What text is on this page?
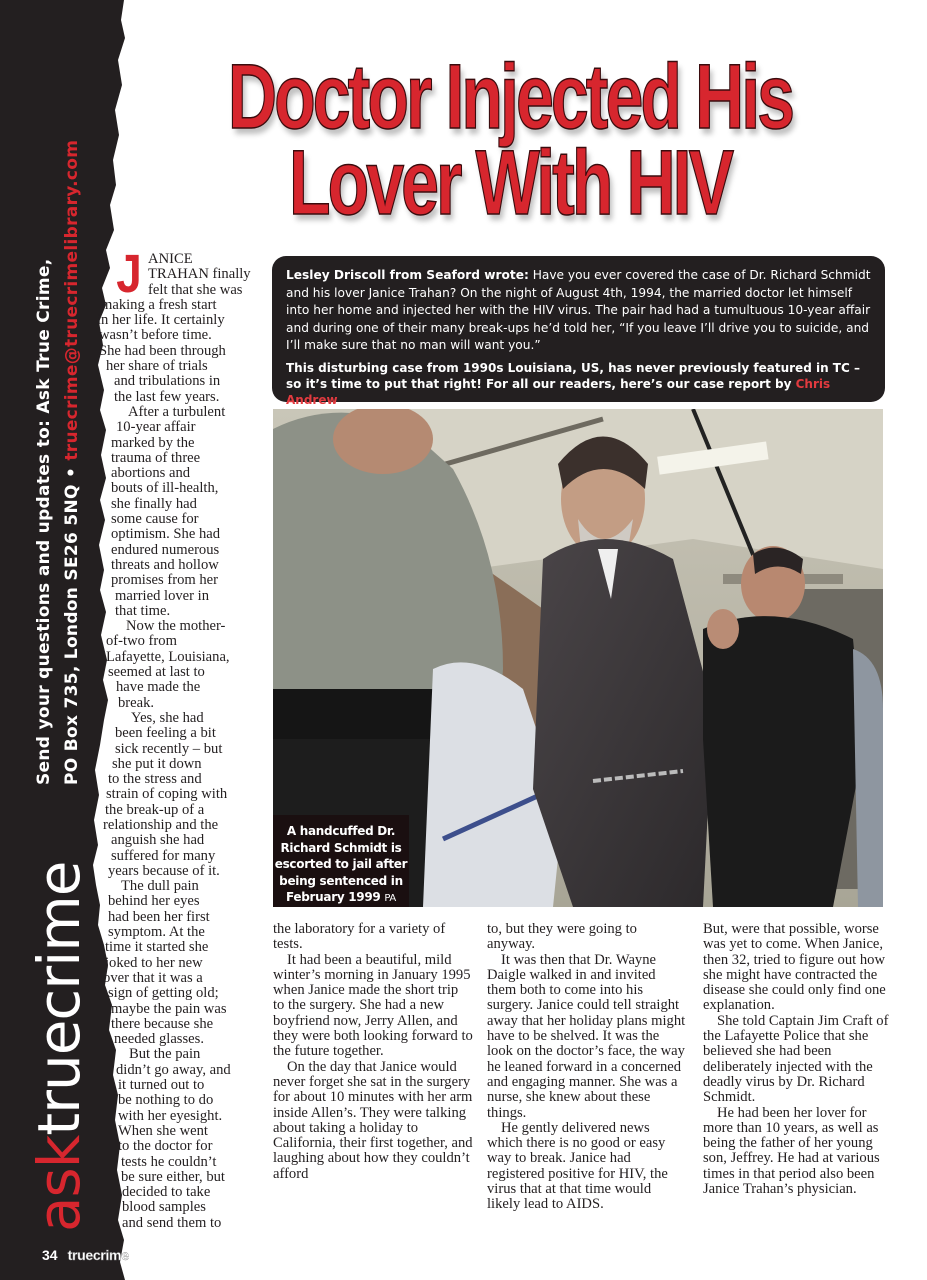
Send your questions and updates to: Ask True Crime, PO Box 735, London SE26 5NQ • truecrime@truecrimelibrary.com
asktruecrime
34 truecrime
Doctor Injected His
Lover With HIV
Lesley Driscoll from Seaford wrote: Have you ever covered the case of Dr. Richard Schmidt and his lover Janice Trahan? On the night of August 4th, 1994, the married doctor let himself into her home and injected her with the HIV virus. The pair had had a tumultuous 10-year affair and during one of their many break-ups he’d told her, “If you leave I’ll drive you to suicide, and I’ll make sure that no man will want you.”
This disturbing case from 1990s Louisiana, US, has never previously featured in TC – so it’s time to put that right! For all our readers, here’s our case report by Chris Andrew
A handcuffed Dr. Richard Schmidt is escorted to jail after being sentenced in February 1999 PA
J ANICE
TRAHAN finally
felt that she was
making a fresh start
in her life. It certainly
wasn’t before time.
She had been through
her share of trials
and tribulations in
the last few years.
After a turbulent
10-year affair
marked by the
trauma of three
abortions and
bouts of ill-health,
she finally had
some cause for
optimism. She had
endured numerous
threats and hollow
promises from her
married lover in
that time.
Now the mother-
of-two from
Lafayette, Louisiana,
seemed at last to
have made the
break.
Yes, she had
been feeling a bit
sick recently – but
she put it down
to the stress and
strain of coping with
the break-up of a
relationship and the
anguish she had
suffered for many
years because of it.
The dull pain
behind her eyes
had been her first
symptom. At the
time it started she
joked to her new
lover that it was a
sign of getting old;
maybe the pain was
there because she
needed glasses.
But the pain
didn’t go away, and
it turned out to
be nothing to do
with her eyesight.
When she went
to the doctor for
tests he couldn’t
be sure either, but
decided to take
blood samples
and send them to

the laboratory for a variety of tests.

It had been a beautiful, mild winter’s morning in January 1995 when Janice made the short trip to the surgery. She had a new boyfriend now, Jerry Allen, and they were both looking forward to the future together.

On the day that Janice would never forget she sat in the surgery for about 10 minutes with her arm inside Allen’s. They were talking about taking a holiday to California, their first together, and laughing about how they couldn’t afford

to, but they were going to anyway.

It was then that Dr. Wayne Daigle walked in and invited them both to come into his surgery. Janice could tell straight away that her holiday plans might have to be shelved. It was the look on the doctor’s face, the way he leaned forward in a concerned and engaging manner. She was a nurse, she knew about these things.

He gently delivered news which there is no good or easy way to break. Janice had registered positive for HIV, the virus that at that time would likely lead to AIDS.

But, were that possible, worse was yet to come. When Janice, then 32, tried to figure out how she might have contracted the disease she could only find one explanation.

She told Captain Jim Craft of the Lafayette Police that she believed she had been deliberately injected with the deadly virus by Dr. Richard Schmidt.

He had been her lover for more than 10 years, as well as being the father of her young son, Jeffrey. He had at various times in that period also been Janice Trahan’s physician.
